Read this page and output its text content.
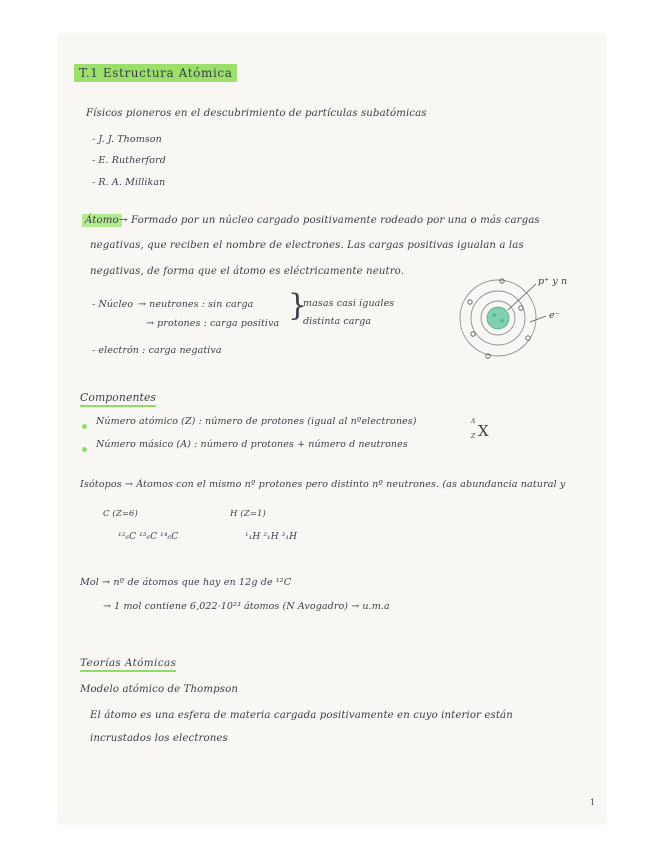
T.1 Estructura Atómica
Físicos pioneros en el descubrimiento de partículas subatómicas
- J. J. Thomson
- E. Rutherford
- R. A. Millikan
Átomo → Formado por un núcleo cargado positivamente rodeado por una o más cargas
negativas, que reciben el nombre de electrones. Las cargas positivas igualan a las
negativas, de forma que el átomo es eléctricamente neutro.
- Núcleo → neutrones : sin carga
→ protones : carga positiva
}
masas casi iguales
distinta carga
- electrón : carga negativa
p⁺ y n
e⁻
Componentes
Número atómico (Z) : número de protones (igual al nºelectrones)
Número másico (A) : número d protones + número d neutrones
A
Z X
Isótopos → Átomos con el mismo nº protones pero distinto nº neutrones. (as abundancia natural y
C (Z=6)
¹²₆C ¹³₆C ¹⁴₆C
H (Z=1)
¹₁H ²₁H ³₁H
Mol → nº de átomos que hay en 12g de ¹²C
→ 1 mol contiene 6,022·10²³ átomos (N Avogadro) → u.m.a
Teorías Atómicas
Modelo atómico de Thompson
El átomo es una esfera de materia cargada positivamente en cuyo interior están
incrustados los electrones
1
